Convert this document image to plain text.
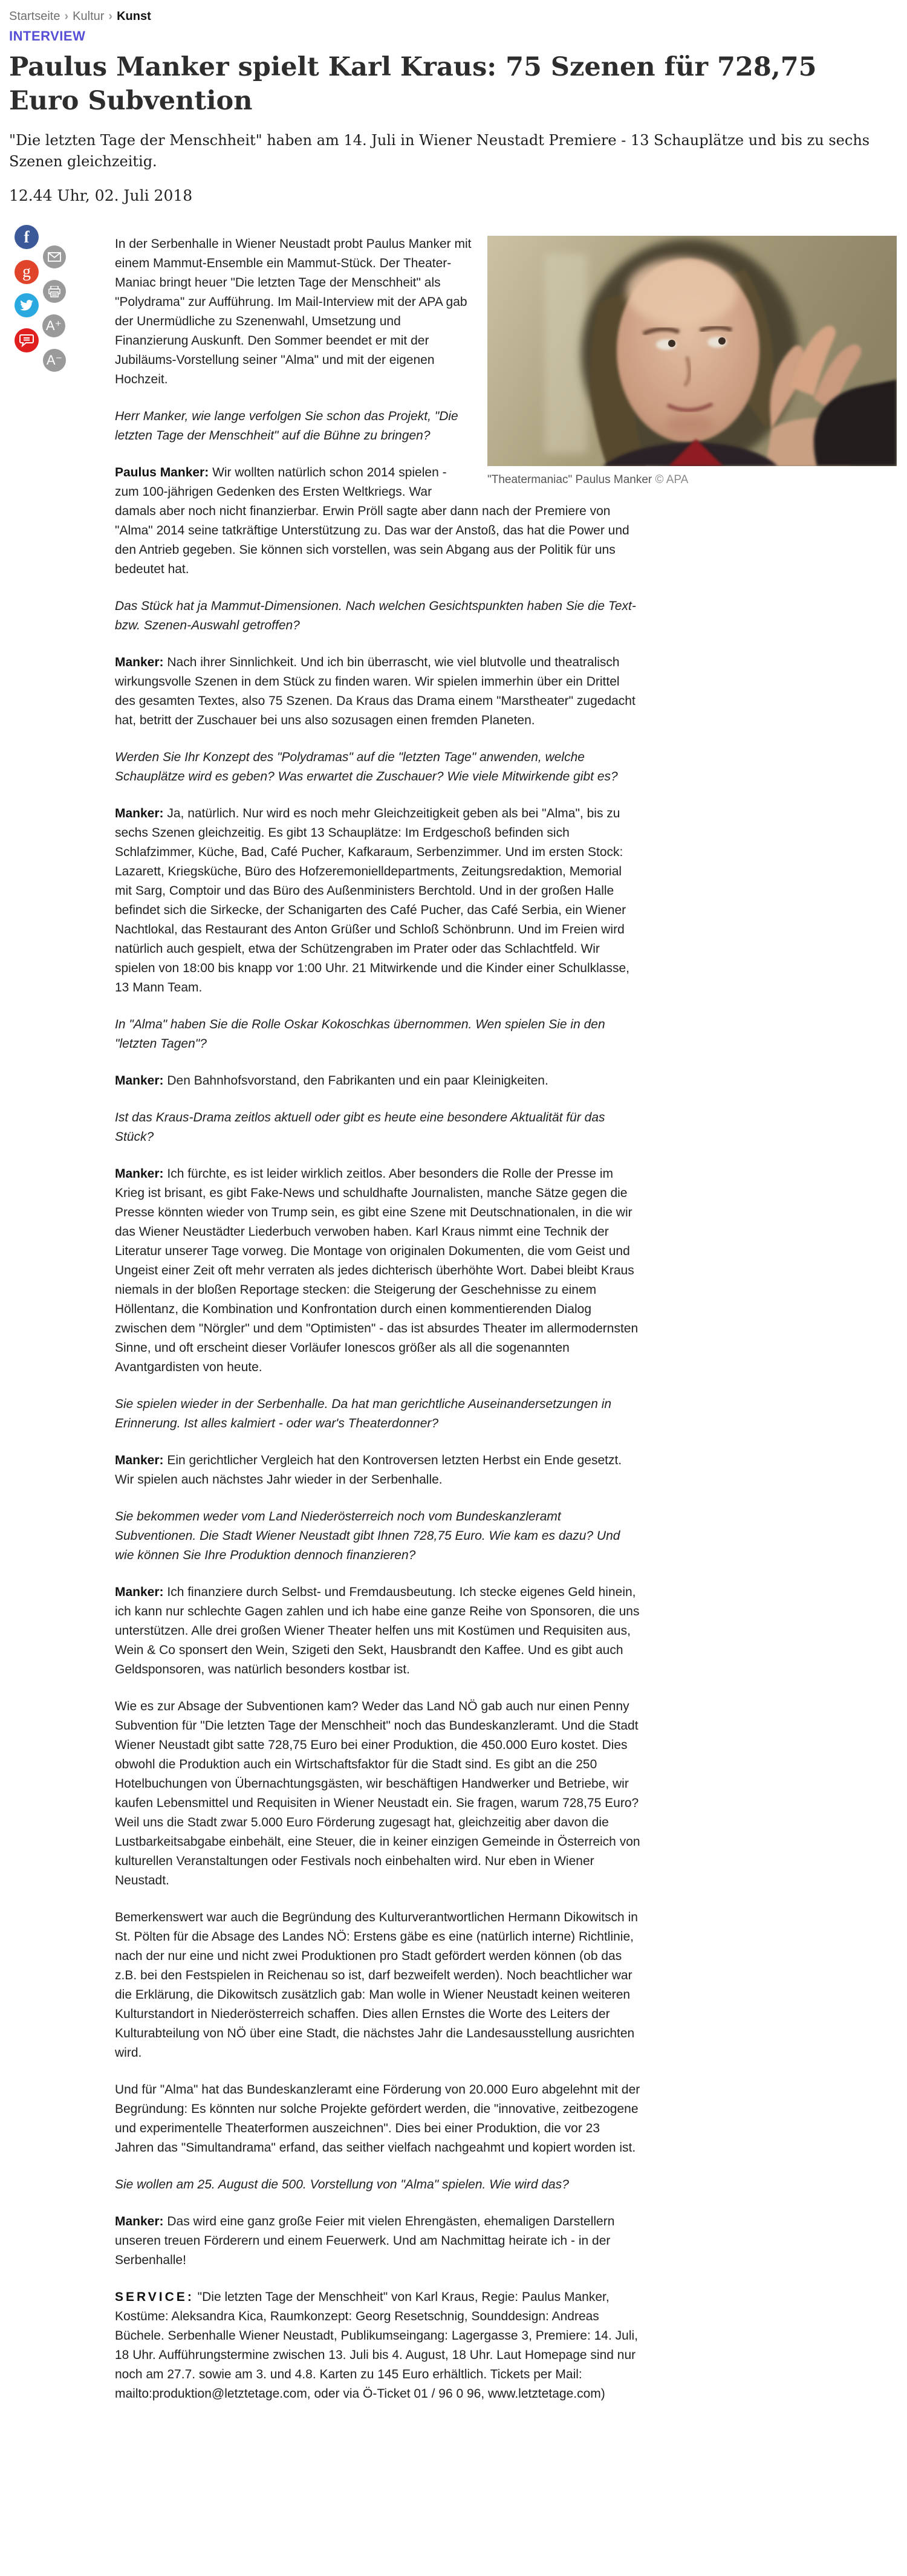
Startseite › Kultur › Kunst
INTERVIEW
Paulus Manker spielt Karl Kraus: 75 Szenen für 728,75 Euro Subvention

"Die letzten Tage der Menschheit" haben am 14. Juli in Wiener Neustadt Premiere - 13 Schauplätze und bis zu sechs Szenen gleichzeitig.

12.44 Uhr, 02. Juli 2018
f
g
A⁺
A⁻
"Theatermaniac" Paulus Manker © APA

In der Serbenhalle in Wiener Neustadt probt Paulus Manker mit einem Mammut-Ensemble ein Mammut-Stück. Der Theater-Maniac bringt heuer "Die letzten Tage der Menschheit" als "Polydrama" zur Aufführung. Im Mail-Interview mit der APA gab der Unermüdliche zu Szenenwahl, Umsetzung und Finanzierung Auskunft. Den Sommer beendet er mit der Jubiläums-Vorstellung seiner "Alma" und mit der eigenen Hochzeit.

Herr Manker, wie lange verfolgen Sie schon das Projekt, "Die letzten Tage der Menschheit" auf die Bühne zu bringen?

Paulus Manker: Wir wollten natürlich schon 2014 spielen - zum 100-jährigen Gedenken des Ersten Weltkriegs. War damals aber noch nicht finanzierbar. Erwin Pröll sagte aber dann nach der Premiere von "Alma" 2014 seine tatkräftige Unterstützung zu. Das war der Anstoß, das hat die Power und den Antrieb gegeben. Sie können sich vorstellen, was sein Abgang aus der Politik für uns bedeutet hat.

Das Stück hat ja Mammut-Dimensionen. Nach welchen Gesichtspunkten haben Sie die Text- bzw. Szenen-Auswahl getroffen?

Manker: Nach ihrer Sinnlichkeit. Und ich bin überrascht, wie viel blutvolle und theatralisch wirkungsvolle Szenen in dem Stück zu finden waren. Wir spielen immerhin über ein Drittel des gesamten Textes, also 75 Szenen. Da Kraus das Drama einem "Marstheater" zugedacht hat, betritt der Zuschauer bei uns also sozusagen einen fremden Planeten.

Werden Sie Ihr Konzept des "Polydramas" auf die "letzten Tage" anwenden, welche Schauplätze wird es geben? Was erwartet die Zuschauer? Wie viele Mitwirkende gibt es?

Manker: Ja, natürlich. Nur wird es noch mehr Gleichzeitigkeit geben als bei "Alma", bis zu sechs Szenen gleichzeitig. Es gibt 13 Schauplätze: Im Erdgeschoß befinden sich Schlafzimmer, Küche, Bad, Café Pucher, Kafkaraum, Serbenzimmer. Und im ersten Stock: Lazarett, Kriegsküche, Büro des Hofzeremonielldepartments, Zeitungsredaktion, Memorial mit Sarg, Comptoir und das Büro des Außenministers Berchtold. Und in der großen Halle befindet sich die Sirkecke, der Schanigarten des Café Pucher, das Café Serbia, ein Wiener Nachtlokal, das Restaurant des Anton Grüßer und Schloß Schönbrunn. Und im Freien wird natürlich auch gespielt, etwa der Schützengraben im Prater oder das Schlachtfeld. Wir spielen von 18:00 bis knapp vor 1:00 Uhr. 21 Mitwirkende und die Kinder einer Schulklasse, 13 Mann Team.

In "Alma" haben Sie die Rolle Oskar Kokoschkas übernommen. Wen spielen Sie in den "letzten Tagen"?

Manker: Den Bahnhofsvorstand, den Fabrikanten und ein paar Kleinigkeiten.

Ist das Kraus-Drama zeitlos aktuell oder gibt es heute eine besondere Aktualität für das Stück?

Manker: Ich fürchte, es ist leider wirklich zeitlos. Aber besonders die Rolle der Presse im Krieg ist brisant, es gibt Fake-News und schuldhafte Journalisten, manche Sätze gegen die Presse könnten wieder von Trump sein, es gibt eine Szene mit Deutschnationalen, in die wir das Wiener Neustädter Liederbuch verwoben haben. Karl Kraus nimmt eine Technik der Literatur unserer Tage vorweg. Die Montage von originalen Dokumenten, die vom Geist und Ungeist einer Zeit oft mehr verraten als jedes dichterisch überhöhte Wort. Dabei bleibt Kraus niemals in der bloßen Reportage stecken: die Steigerung der Geschehnisse zu einem Höllentanz, die Kombination und Konfrontation durch einen kommentierenden Dialog zwischen dem "Nörgler" und dem "Optimisten" - das ist absurdes Theater im allermodernsten Sinne, und oft erscheint dieser Vorläufer Ionescos größer als all die sogenannten Avantgardisten von heute.

Sie spielen wieder in der Serbenhalle. Da hat man gerichtliche Auseinandersetzungen in Erinnerung. Ist alles kalmiert - oder war's Theaterdonner?

Manker: Ein gerichtlicher Vergleich hat den Kontroversen letzten Herbst ein Ende gesetzt. Wir spielen auch nächstes Jahr wieder in der Serbenhalle.

Sie bekommen weder vom Land Niederösterreich noch vom Bundeskanzleramt Subventionen. Die Stadt Wiener Neustadt gibt Ihnen 728,75 Euro. Wie kam es dazu? Und wie können Sie Ihre Produktion dennoch finanzieren?

Manker: Ich finanziere durch Selbst- und Fremdausbeutung. Ich stecke eigenes Geld hinein, ich kann nur schlechte Gagen zahlen und ich habe eine ganze Reihe von Sponsoren, die uns unterstützen. Alle drei großen Wiener Theater helfen uns mit Kostümen und Requisiten aus, Wein & Co sponsert den Wein, Szigeti den Sekt, Hausbrandt den Kaffee. Und es gibt auch Geldsponsoren, was natürlich besonders kostbar ist.

Wie es zur Absage der Subventionen kam? Weder das Land NÖ gab auch nur einen Penny Subvention für "Die letzten Tage der Menschheit" noch das Bundeskanzleramt. Und die Stadt Wiener Neustadt gibt satte 728,75 Euro bei einer Produktion, die 450.000 Euro kostet. Dies obwohl die Produktion auch ein Wirtschaftsfaktor für die Stadt sind. Es gibt an die 250 Hotelbuchungen von Übernachtungsgästen, wir beschäftigen Handwerker und Betriebe, wir kaufen Lebensmittel und Requisiten in Wiener Neustadt ein. Sie fragen, warum 728,75 Euro? Weil uns die Stadt zwar 5.000 Euro Förderung zugesagt hat, gleichzeitig aber davon die Lustbarkeitsabgabe einbehält, eine Steuer, die in keiner einzigen Gemeinde in Österreich von kulturellen Veranstaltungen oder Festivals noch einbehalten wird. Nur eben in Wiener Neustadt.

Bemerkenswert war auch die Begründung des Kulturverantwortlichen Hermann Dikowitsch in St. Pölten für die Absage des Landes NÖ: Erstens gäbe es eine (natürlich interne) Richtlinie, nach der nur eine und nicht zwei Produktionen pro Stadt gefördert werden können (ob das z.B. bei den Festspielen in Reichenau so ist, darf bezweifelt werden). Noch beachtlicher war die Erklärung, die Dikowitsch zusätzlich gab: Man wolle in Wiener Neustadt keinen weiteren Kulturstandort in Niederösterreich schaffen. Dies allen Ernstes die Worte des Leiters der Kulturabteilung von NÖ über eine Stadt, die nächstes Jahr die Landesausstellung ausrichten wird.

Und für "Alma" hat das Bundeskanzleramt eine Förderung von 20.000 Euro abgelehnt mit der Begründung: Es könnten nur solche Projekte gefördert werden, die "innovative, zeitbezogene und experimentelle Theaterformen auszeichnen". Dies bei einer Produktion, die vor 23 Jahren das "Simultandrama" erfand, das seither vielfach nachgeahmt und kopiert worden ist.

Sie wollen am 25. August die 500. Vorstellung von "Alma" spielen. Wie wird das?

Manker: Das wird eine ganz große Feier mit vielen Ehrengästen, ehemaligen Darstellern unseren treuen Förderern und einem Feuerwerk. Und am Nachmittag heirate ich - in der Serbenhalle!

SERVICE: "Die letzten Tage der Menschheit" von Karl Kraus, Regie: Paulus Manker, Kostüme: Aleksandra Kica, Raumkonzept: Georg Resetschnig, Sounddesign: Andreas Büchele. Serbenhalle Wiener Neustadt, Publikumseingang: Lagergasse 3, Premiere: 14. Juli, 18 Uhr. Aufführungstermine zwischen 13. Juli bis 4. August, 18 Uhr. Laut Homepage sind nur noch am 27.7. sowie am 3. und 4.8. Karten zu 145 Euro erhältlich. Tickets per Mail: mailto:produktion@letztetage.com, oder via Ö-Ticket 01 / 96 0 96, www.letztetage.com)
